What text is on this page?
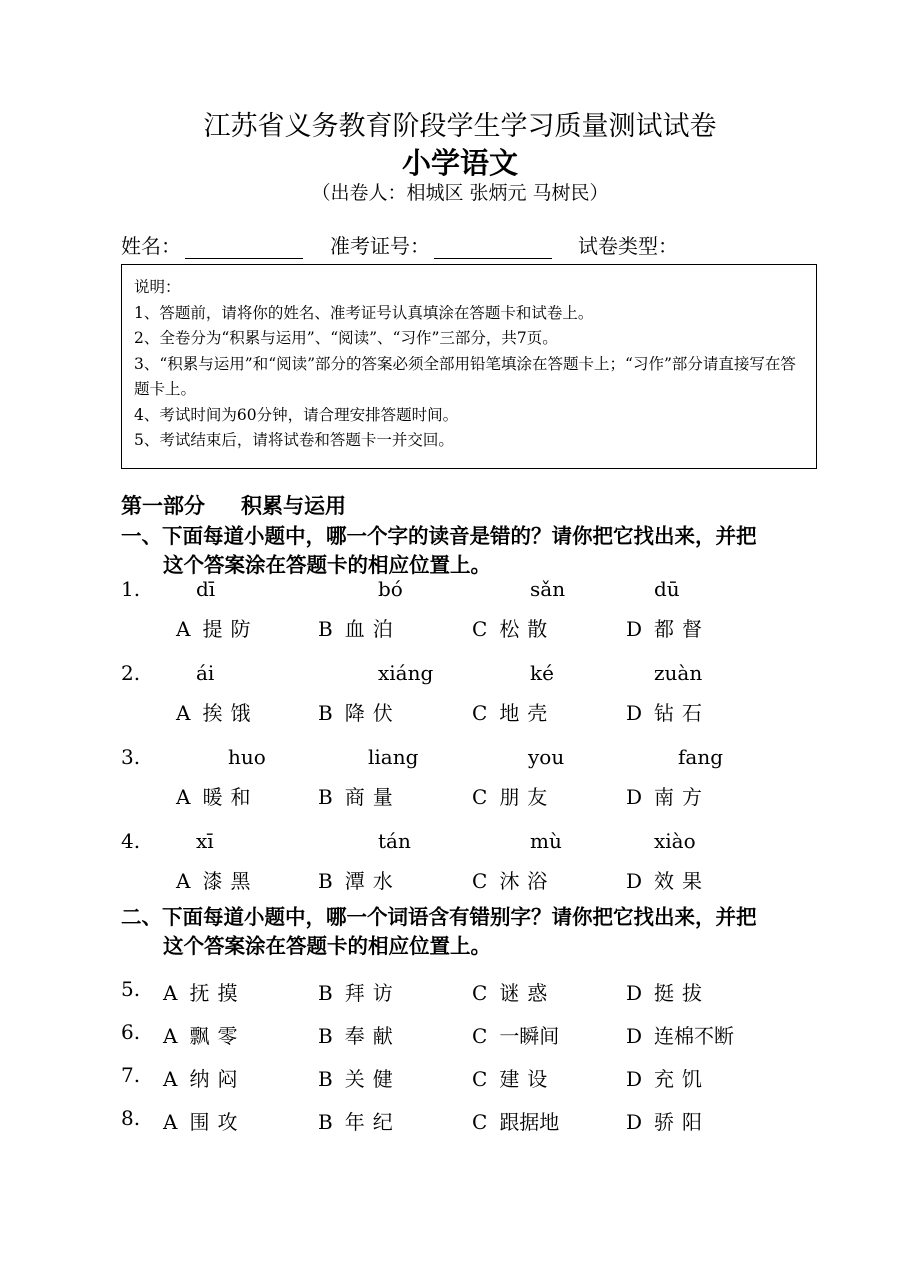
江苏省义务教育阶段学生学习质量测试试卷
小学语文
（出卷人：相城区 张炳元 马树民）
姓名：	准考证号：	试卷类型：
说明：
1、答题前，请将你的姓名、准考证号认真填涂在答题卡和试卷上。
2、全卷分为“积累与运用”、“阅读”、“习作”三部分，共7页。
3、“积累与运用”和“阅读”部分的答案必须全部用铅笔填涂在答题卡上；“习作”部分请直接写在答题卡上。
4、考试时间为60分钟，请合理安排答题时间。
5、考试结束后，请将试卷和答题卡一并交回。
第一部分 积累与运用
一、下面每道小题中，哪一个字的读音是错的？请你把它找出来，并把
这个答案涂在答题卡的相应位置上。
1.	dī	bó	sǎn	dū
A 提防	B 血泊	C 松散	D 都督
2.	ái	xiáng	ké	zuàn
A 挨饿	B 降伏	C 地壳	D 钻石
3.	huo	liang	you	fang
A 暖和	B 商量	C 朋友	D 南方
4.	xī	tán	mù	xiào
A 漆黑	B 潭水	C 沐浴	D 效果
二、下面每道小题中，哪一个词语含有错别字？请你把它找出来，并把
这个答案涂在答题卡的相应位置上。
5. A 抚摸	B 拜访	C 谜惑	D 挺拔
6. A 飘零	B 奉献	C 一瞬间	D 连棉不断
7. A 纳闷	B 关健	C 建设	D 充饥
8. A 围攻	B 年纪	C 跟据地	D 骄阳
